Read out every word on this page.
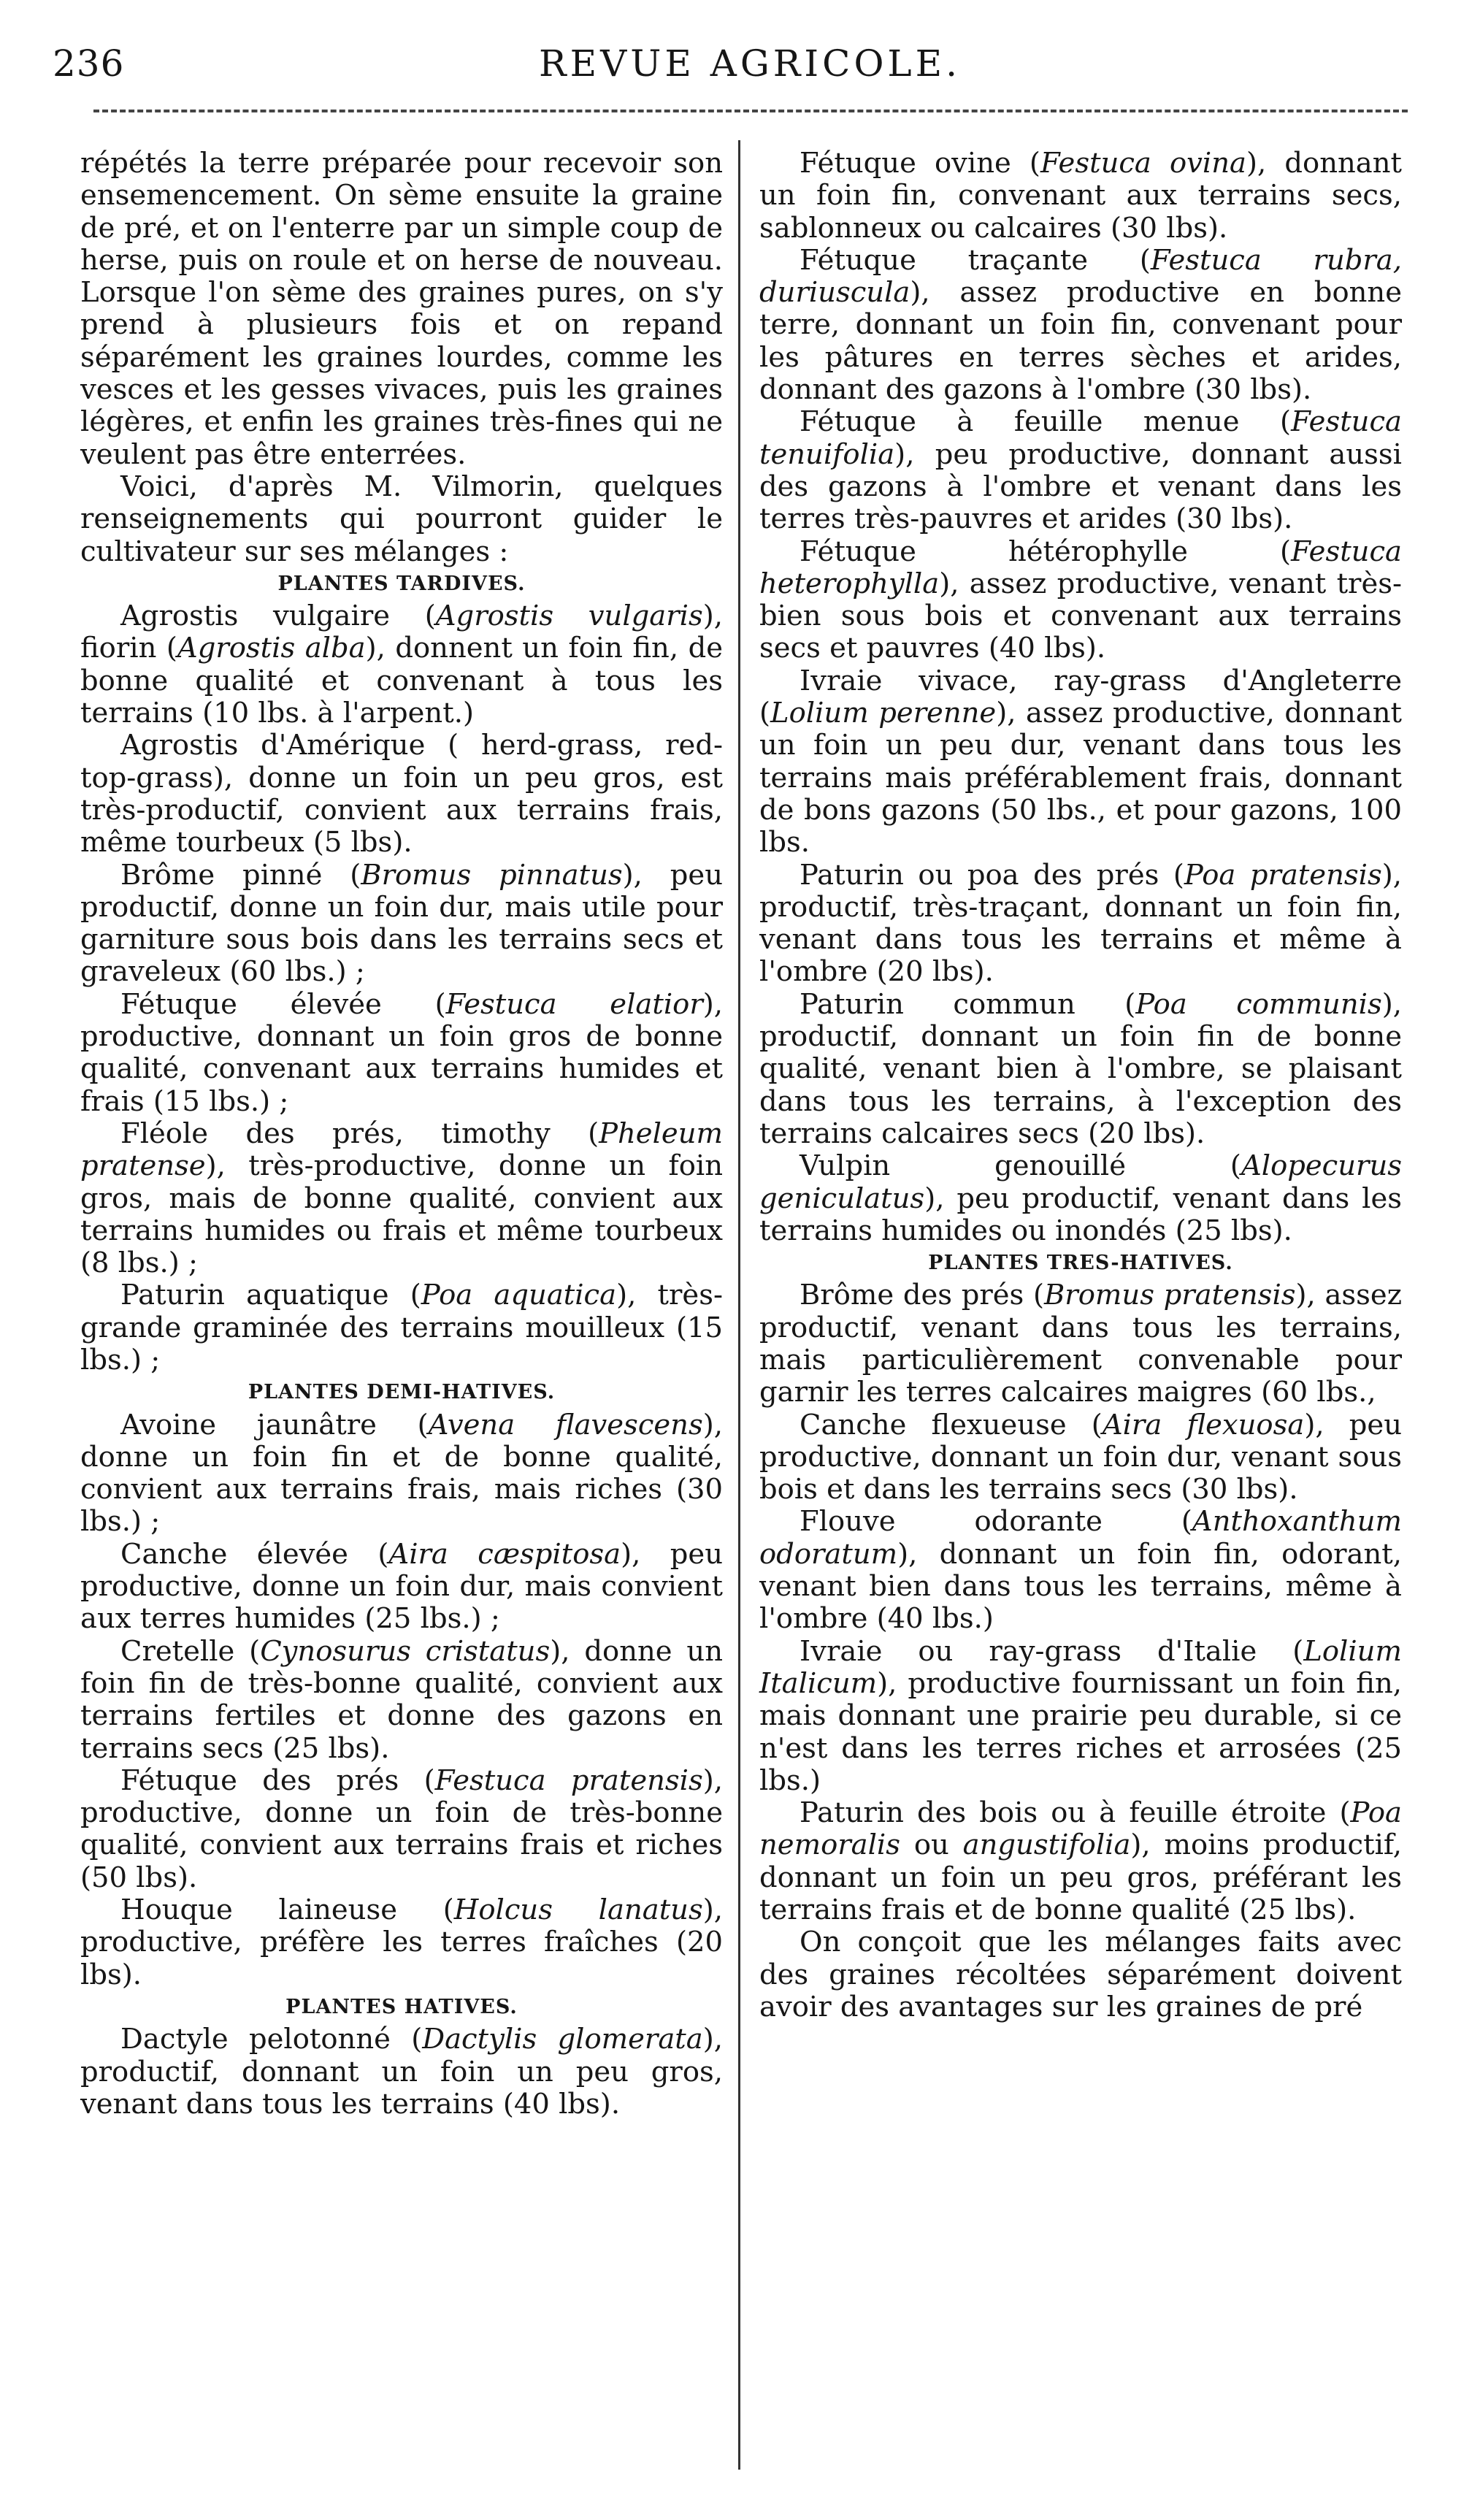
236	REVUE AGRICOLE.

répétés la terre préparée pour recevoir son ensemencement. On sème ensuite la graine de pré, et on l'enterre par un simple coup de herse, puis on roule et on herse de nouveau. Lorsque l'on sème des graines pures, on s'y prend à plusieurs fois et on repand séparément les graines lourdes, comme les vesces et les gesses vivaces, puis les graines légères, et enfin les graines très-fines qui ne veulent pas être enterrées.

Voici, d'après M. Vilmorin, quelques renseignements qui pourront guider le cultivateur sur ses mélanges :

PLANTES TARDIVES.

Agrostis vulgaire (Agrostis vulgaris), fiorin (Agrostis alba), donnent un foin fin, de bonne qualité et convenant à tous les terrains (10 lbs. à l'arpent.)

Agrostis d'Amérique ( herd-grass, red-top-grass), donne un foin un peu gros, est très-productif, convient aux terrains frais, même tourbeux (5 lbs).

Brôme pinné (Bromus pinnatus), peu productif, donne un foin dur, mais utile pour garniture sous bois dans les terrains secs et graveleux (60 lbs.) ;

Fétuque élevée (Festuca elatior), productive, donnant un foin gros de bonne qualité, convenant aux terrains humides et frais (15 lbs.) ;

Fléole des prés, timothy (Pheleum pratense), très-productive, donne un foin gros, mais de bonne qualité, convient aux terrains humides ou frais et même tourbeux (8 lbs.) ;

Paturin aquatique (Poa aquatica), très-grande graminée des terrains mouilleux (15 lbs.) ;

PLANTES DEMI-HATIVES.

Avoine jaunâtre (Avena flavescens), donne un foin fin et de bonne qualité, convient aux terrains frais, mais riches (30 lbs.) ;

Canche élevée (Aira cæspitosa), peu productive, donne un foin dur, mais convient aux terres humides (25 lbs.) ;

Cretelle (Cynosurus cristatus), donne un foin fin de très-bonne qualité, convient aux terrains fertiles et donne des gazons en terrains secs (25 lbs).

Fétuque des prés (Festuca pratensis), productive, donne un foin de très-bonne qualité, convient aux terrains frais et riches (50 lbs).

Houque laineuse (Holcus lanatus), productive, préfère les terres fraîches (20 lbs).

PLANTES HATIVES.

Dactyle pelotonné (Dactylis glomerata), productif, donnant un foin un peu gros, venant dans tous les terrains (40 lbs).

Fétuque ovine (Festuca ovina), donnant un foin fin, convenant aux terrains secs, sablonneux ou calcaires (30 lbs).

Fétuque traçante (Festuca rubra, duriuscula), assez productive en bonne terre, donnant un foin fin, convenant pour les pâtures en terres sèches et arides, donnant des gazons à l'ombre (30 lbs).

Fétuque à feuille menue (Festuca tenuifolia), peu productive, donnant aussi des gazons à l'ombre et venant dans les terres très-pauvres et arides (30 lbs).

Fétuque hétérophylle (Festuca heterophylla), assez productive, venant très-bien sous bois et convenant aux terrains secs et pauvres (40 lbs).

Ivraie vivace, ray-grass d'Angleterre (Lolium perenne), assez productive, donnant un foin un peu dur, venant dans tous les terrains mais préférablement frais, donnant de bons gazons (50 lbs., et pour gazons, 100 lbs.

Paturin ou poa des prés (Poa pratensis), productif, très-traçant, donnant un foin fin, venant dans tous les terrains et même à l'ombre (20 lbs).

Paturin commun (Poa communis), productif, donnant un foin fin de bonne qualité, venant bien à l'ombre, se plaisant dans tous les terrains, à l'exception des terrains calcaires secs (20 lbs).

Vulpin genouillé (Alopecurus geniculatus), peu productif, venant dans les terrains humides ou inondés (25 lbs).

PLANTES TRES-HATIVES.

Brôme des prés (Bromus pratensis), assez productif, venant dans tous les terrains, mais particulièrement convenable pour garnir les terres calcaires maigres (60 lbs.,

Canche flexueuse (Aira flexuosa), peu productive, donnant un foin dur, venant sous bois et dans les terrains secs (30 lbs).

Flouve odorante (Anthoxanthum odoratum), donnant un foin fin, odorant, venant bien dans tous les terrains, même à l'ombre (40 lbs.)

Ivraie ou ray-grass d'Italie (Lolium Italicum), productive fournissant un foin fin, mais donnant une prairie peu durable, si ce n'est dans les terres riches et arrosées (25 lbs.)

Paturin des bois ou à feuille étroite (Poa nemoralis ou angustifolia), moins productif, donnant un foin un peu gros, préférant les terrains frais et de bonne qualité (25 lbs).

On conçoit que les mélanges faits avec des graines récoltées séparément doivent avoir des avantages sur les graines de pré
